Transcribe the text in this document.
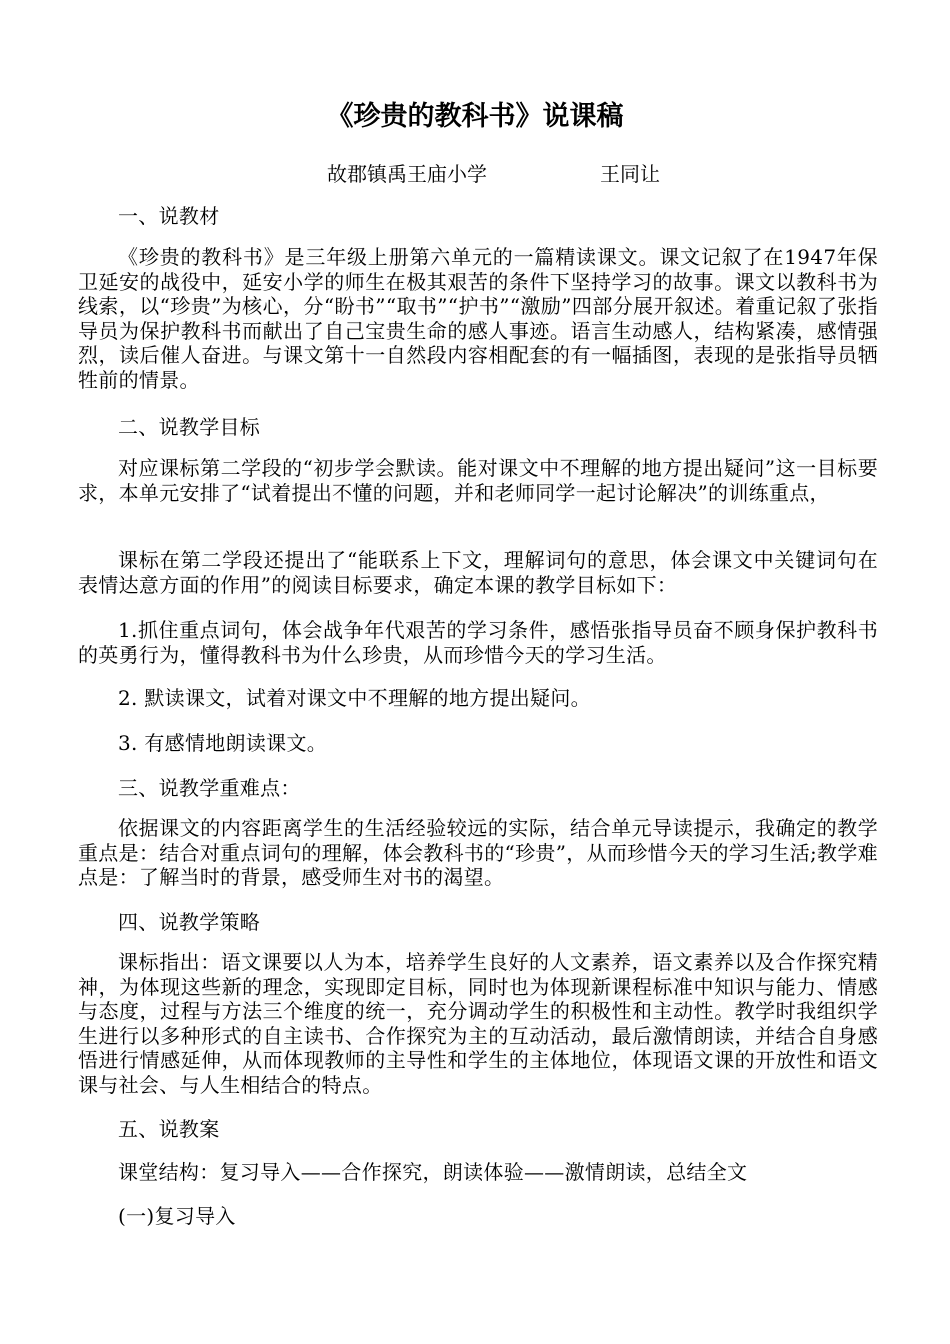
《珍贵的教科书》说课稿
故郡镇禹王庙小学	王同让
一、说教材
《珍贵的教科书》是三年级上册第六单元的一篇精读课文。课文记叙了在1947年保卫延安的战役中，延安小学的师生在极其艰苦的条件下坚持学习的故事。课文以教科书为线索，以“珍贵”为核心，分“盼书”“取书”“护书”“激励”四部分展开叙述。着重记叙了张指导员为保护教科书而献出了自己宝贵生命的感人事迹。语言生动感人，结构紧凑，感情强烈，读后催人奋进。与课文第十一自然段内容相配套的有一幅插图，表现的是张指导员牺牲前的情景。
二、说教学目标
对应课标第二学段的“初步学会默读。能对课文中不理解的地方提出疑问”这一目标要求，本单元安排了“试着提出不懂的问题，并和老师同学一起讨论解决”的训练重点，
课标在第二学段还提出了“能联系上下文，理解词句的意思，体会课文中关键词句在表情达意方面的作用”的阅读目标要求，确定本课的教学目标如下：
1.抓住重点词句，体会战争年代艰苦的学习条件，感悟张指导员奋不顾身保护教科书的英勇行为，懂得教科书为什么珍贵，从而珍惜今天的学习生活。
2. 默读课文，试着对课文中不理解的地方提出疑问。
3. 有感情地朗读课文。
三、说教学重难点：
依据课文的内容距离学生的生活经验较远的实际，结合单元导读提示，我确定的教学重点是：结合对重点词句的理解，体会教科书的“珍贵”，从而珍惜今天的学习生活;教学难点是：了解当时的背景，感受师生对书的渴望。
四、说教学策略
课标指出：语文课要以人为本，培养学生良好的人文素养，语文素养以及合作探究精神，为体现这些新的理念，实现即定目标，同时也为体现新课程标准中知识与能力、情感与态度，过程与方法三个维度的统一，充分调动学生的积极性和主动性。教学时我组织学生进行以多种形式的自主读书、合作探究为主的互动活动，最后激情朗读，并结合自身感悟进行情感延伸，从而体现教师的主导性和学生的主体地位，体现语文课的开放性和语文课与社会、与人生相结合的特点。
五、说教案
课堂结构：复习导入——合作探究，朗读体验——激情朗读，总结全文
(一)复习导入
